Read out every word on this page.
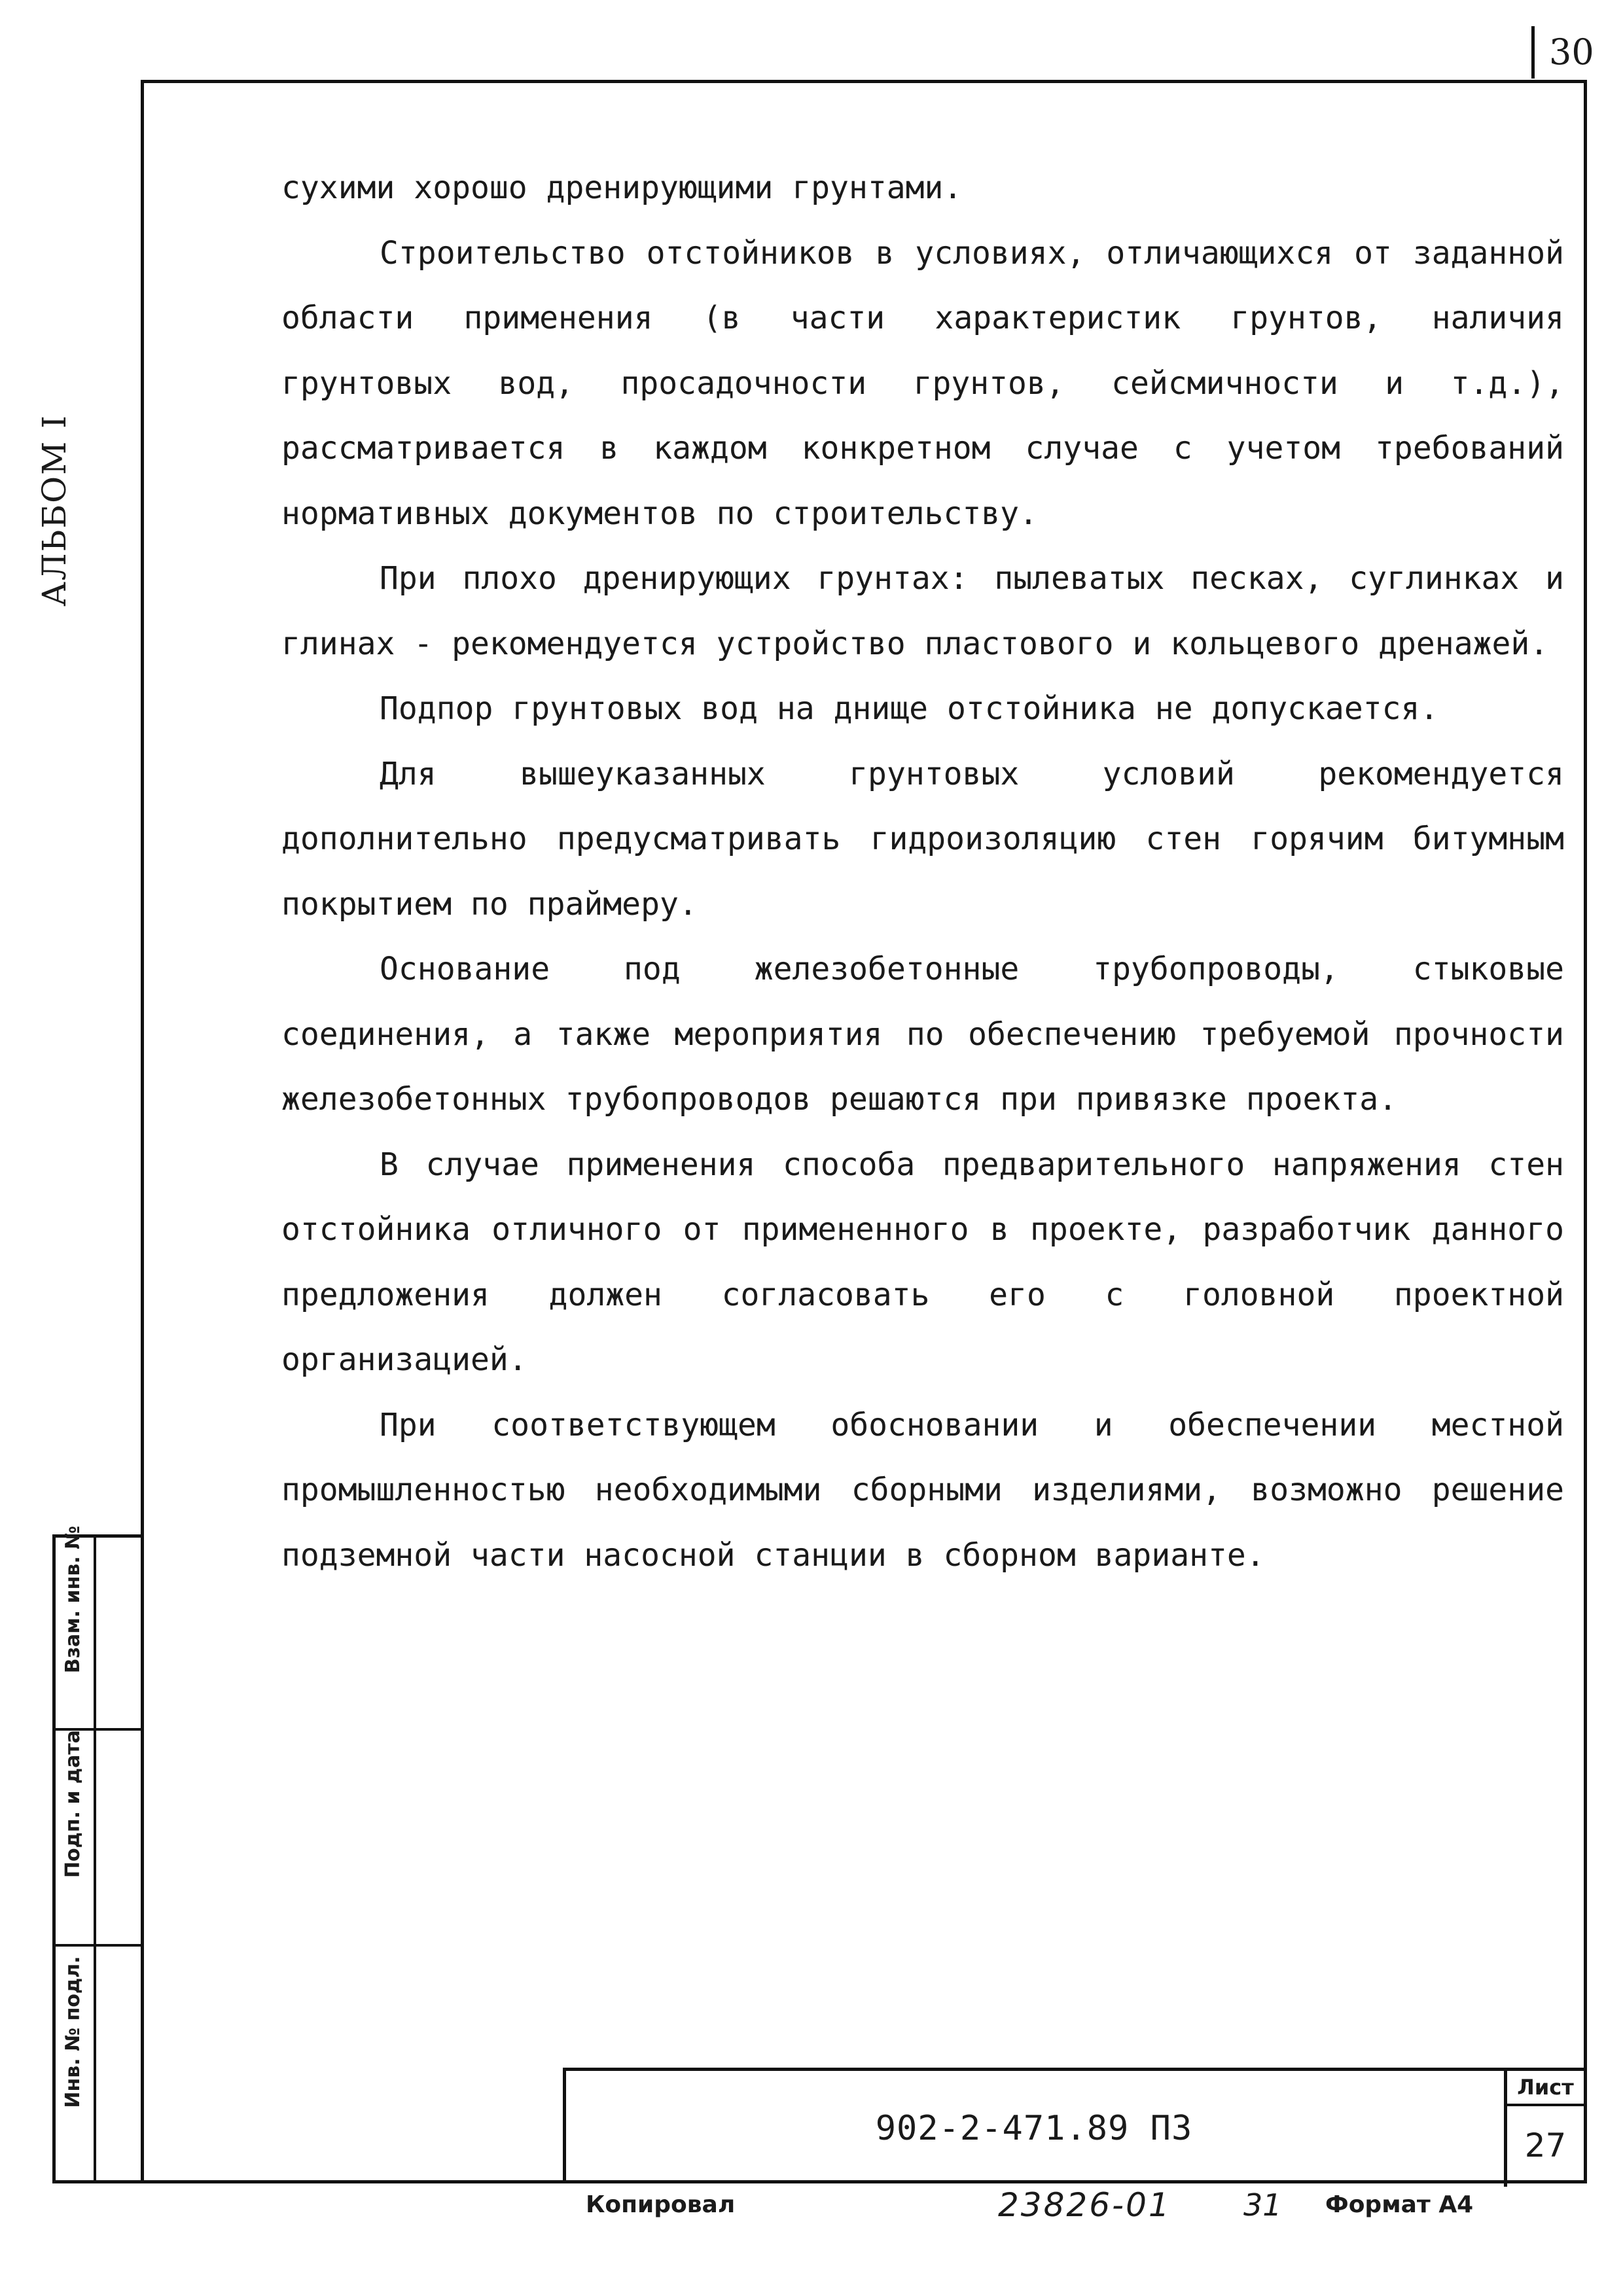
30
АЛЬБОМ I

сухими хорошо дренирующими грунтами.

Строительство отстойников в условиях, отличающихся от заданной области применения (в части характеристик грунтов, наличия грунтовых вод, просадочности грунтов, сейсмичности и т.д.), рассматривается в каждом конкретном случае с учетом требований нормативных документов по строительству.

При плохо дренирующих грунтах: пылеватых песках, суглинках и глинах - рекомендуется устройство пластового и кольцевого дренажей.

Подпор грунтовых вод на днище отстойника не допускается.

Для вышеуказанных грунтовых условий рекомендуется дополнительно предусматривать гидроизоляцию стен горячим битумным покрытием по праймеру.

Основание под железобетонные трубопроводы, стыковые соединения, а также мероприятия по обеспечению требуемой прочности железобетонных трубопроводов решаются при привязке проекта.

В случае применения способа предварительного напряжения стен отстойника отличного от примененного в проекте, разработчик данного предложения должен согласовать его с головной проектной организацией.

При соответствующем обосновании и обеспечении местной промышленностью необходимыми сборными изделиями, возможно решение подземной части насосной станции в сборном варианте.

Взам. инв. №
Подп. и дата
Инв. № подл.
902-2-471.89 ПЗ
Лист
27
Копировал	23826-01 31 Формат А4
